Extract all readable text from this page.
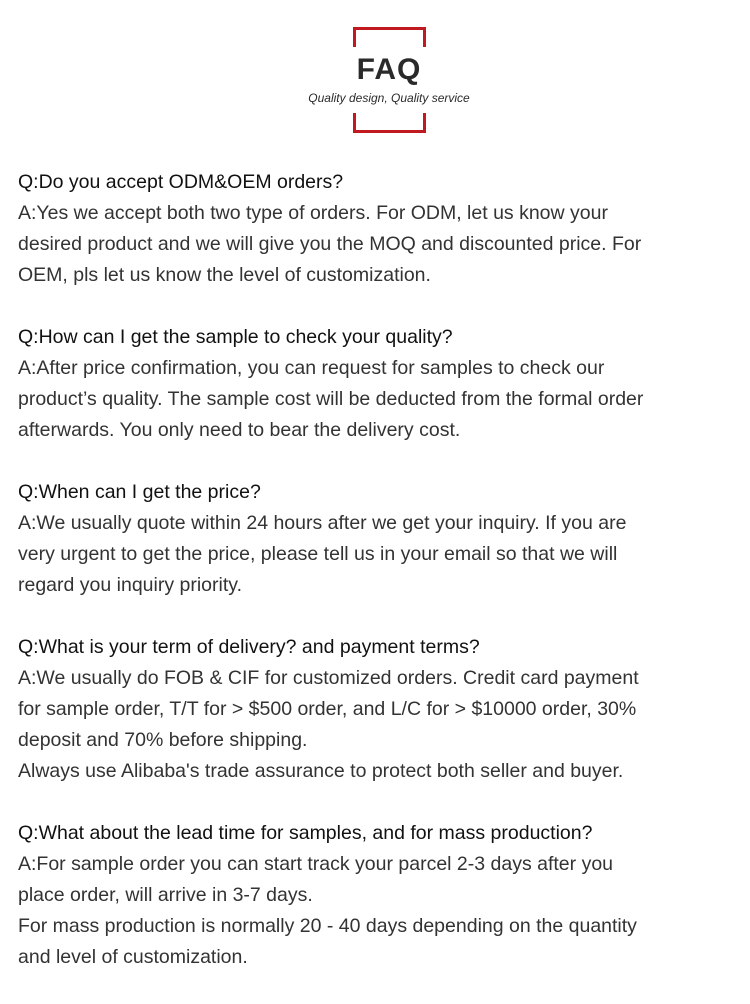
FAQ
Quality design, Quality service

Q:Do you accept ODM&OEM orders?

A:Yes we accept both two type of orders. For ODM, let us know your

desired product and we will give you the MOQ and discounted price. For

OEM, pls let us know the level of customization.

Q:How can I get the sample to check your quality?

A:After price confirmation, you can request for samples to check our

product’s quality. The sample cost will be deducted from the formal order

afterwards. You only need to bear the delivery cost.

Q:When can I get the price?

A:We usually quote within 24 hours after we get your inquiry. If you are

very urgent to get the price, please tell us in your email so that we will

regard you inquiry priority.

Q:What is your term of delivery? and payment terms?

A:We usually do FOB & CIF for customized orders. Credit card payment

for sample order, T/T for > $500 order, and L/C for > $10000 order, 30%

deposit and 70% before shipping.

Always use Alibaba's trade assurance to protect both seller and buyer.

Q:What about the lead time for samples, and for mass production?

A:For sample order you can start track your parcel 2-3 days after you

place order, will arrive in 3-7 days.

For mass production is normally 20 - 40 days depending on the quantity

and level of customization.
